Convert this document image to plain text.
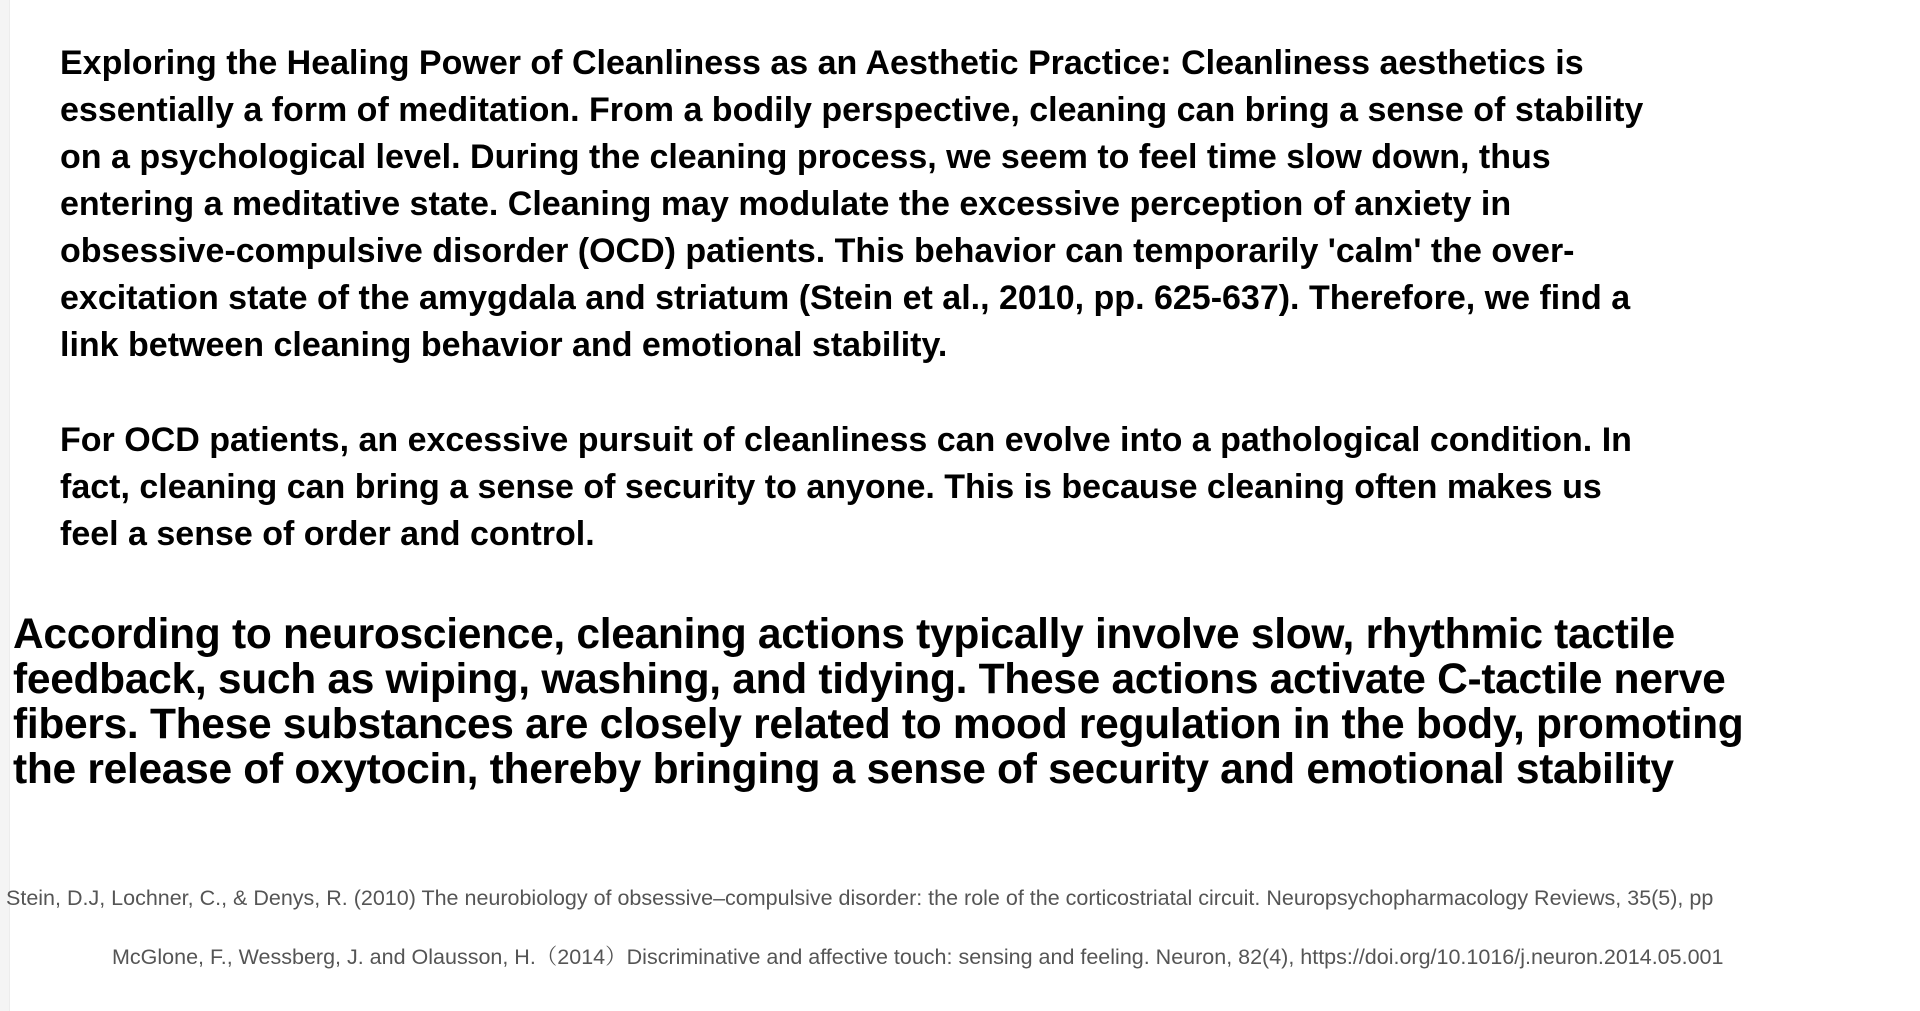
Exploring the Healing Power of Cleanliness as an Aesthetic Practice: Cleanliness aesthetics is
essentially a form of meditation. From a bodily perspective, cleaning can bring a sense of stability
on a psychological level. During the cleaning process, we seem to feel time slow down, thus
entering a meditative state. Cleaning may modulate the excessive perception of anxiety in
obsessive-compulsive disorder (OCD) patients. This behavior can temporarily 'calm' the over-
excitation state of the amygdala and striatum (Stein et al., 2010, pp. 625-637). Therefore, we find a
link between cleaning behavior and emotional stability.
For OCD patients, an excessive pursuit of cleanliness can evolve into a pathological condition. In
fact, cleaning can bring a sense of security to anyone. This is because cleaning often makes us
feel a sense of order and control.
According to neuroscience, cleaning actions typically involve slow, rhythmic tactile
feedback, such as wiping, washing, and tidying. These actions activate C-tactile nerve
fibers. These substances are closely related to mood regulation in the body, promoting
the release of oxytocin, thereby bringing a sense of security and emotional stability

Stein, D.J, Lochner, C., & Denys, R. (2010) The neurobiology of obsessive–compulsive disorder: the role of the corticostriatal circuit. Neuropsychopharmacology Reviews, 35(5), pp

McGlone, F., Wessberg, J. and Olausson, H.（2014）Discriminative and affective touch: sensing and feeling. Neuron, 82(4), https://doi.org/10.1016/j.neuron.2014.05.001
